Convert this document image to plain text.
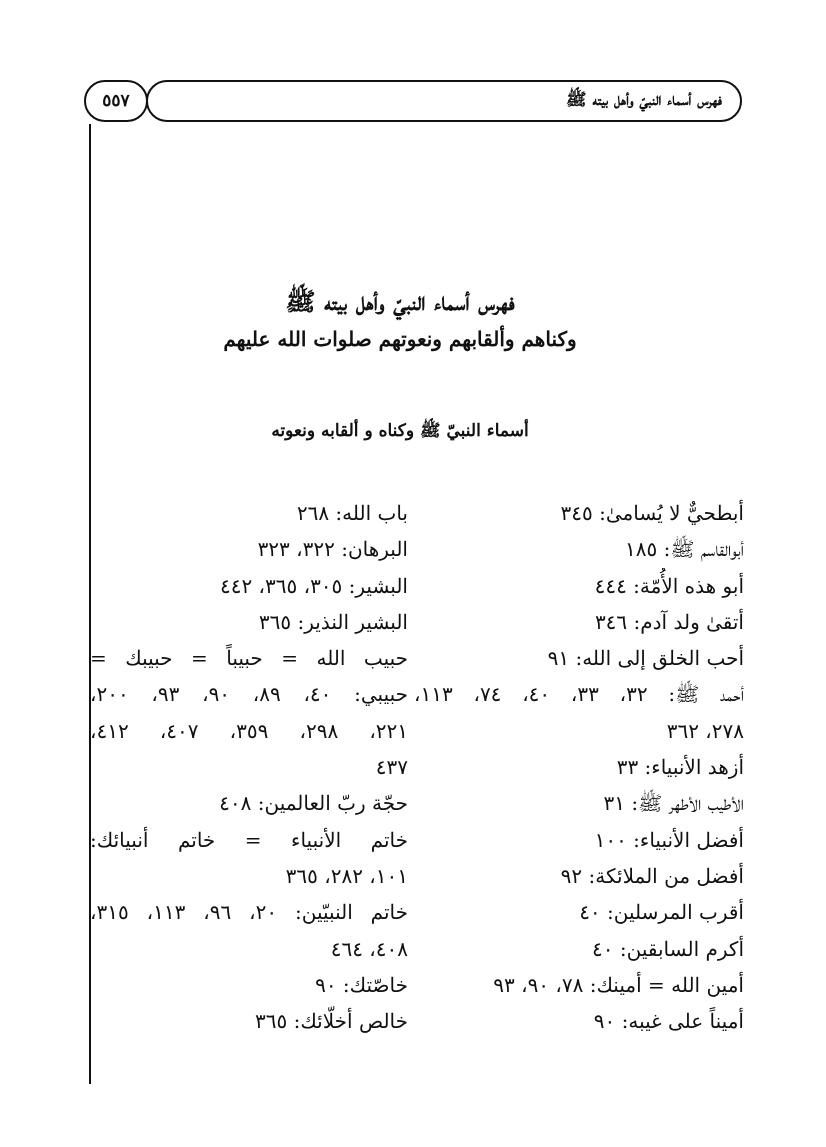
٥٥٧	فهرس أسماء النبيّ وأهل بيته ﷺ

فهرس أسماء النبيّ وأهل بيته ﷺ

وكناهم وألقابهم ونعوتهم صلوات الله عليهم

أسماء النبيّ ﷺ وكناه و ألقابه ونعوته
أبطحيٌّ لا يُسامىٰ: ٣٤٥
أبوالقاسم ﷺ: ١٨٥
أبو هذه الأُمّة: ٤٤٤
أتقىٰ ولد آدم: ٣٤٦
أحب الخلق إلى الله: ٩١
أحمد ﷺ: ٣٢، ٣٣، ٤٠، ٧٤، ١١٣،
٢٧٨، ٣٦٢
أزهد الأنبياء: ٣٣
الأطيب الأطهر ﷺ: ٣١
أفضل الأنبياء: ١٠٠
أفضل من الملائكة: ٩٢
أقرب المرسلين: ٤٠
أكرم السابقين: ٤٠
أمين الله = أمينك: ٧٨، ٩٠، ٩٣
أميناً على غيبه: ٩٠
باب الله: ٢٦٨
البرهان: ٣٢٢، ٣٢٣
البشير: ٣٠٥، ٣٦٥، ٤٤٢
البشير النذير: ٣٦٥
حبيب الله = حبيباً = حبيبك =
حبيبي: ٤٠، ٨٩، ٩٠، ٩٣، ٢٠٠،
٢٢١، ٢٩٨، ٣٥٩، ٤٠٧، ٤١٢،
٤٣٧
حجّة ربّ العالمين: ٤٠٨
خاتم الأنبياء = خاتم أنبيائك:
١٠١، ٢٨٢، ٣٦٥
خاتم النبيّين: ٢٠، ٩٦، ١١٣، ٣١٥،
٤٠٨، ٤٦٤
خاصّتك: ٩٠
خالص أخلّائك: ٣٦٥
